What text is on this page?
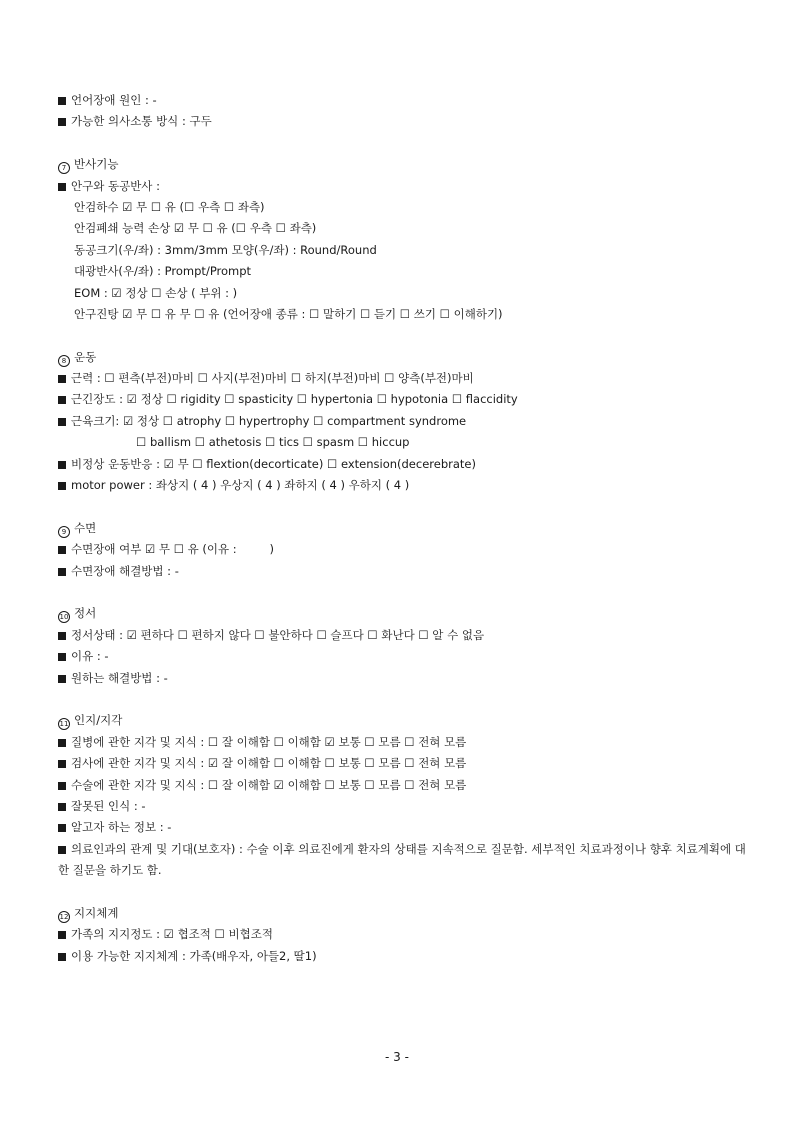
언어장애 원인 : -
가능한 의사소통 방식 : 구두
7 반사기능
안구와 동공반사 :
안검하수 ☑ 무 ☐ 유 (☐ 우측 ☐ 좌측)
안검폐쇄 능력 손상 ☑ 무 ☐ 유 (☐ 우측 ☐ 좌측)
동공크기(우/좌) : 3mm/3mm 모양(우/좌) : Round/Round
대광반사(우/좌) : Prompt/Prompt
EOM : ☑ 정상 ☐ 손상 ( 부위 : )
안구진탕 ☑ 무 ☐ 유 무 ☐ 유 (언어장애 종류 : ☐ 말하기 ☐ 듣기 ☐ 쓰기 ☐ 이해하기)
8 운동
근력 : ☐ 편측(부전)마비 ☐ 사지(부전)마비 ☐ 하지(부전)마비 ☐ 양측(부전)마비
근긴장도 : ☑ 정상 ☐ rigidity ☐ spasticity ☐ hypertonia ☐ hypotonia ☐ flaccidity
근육크기: ☑ 정상 ☐ atrophy ☐ hypertrophy ☐ compartment syndrome
☐ ballism ☐ athetosis ☐ tics ☐ spasm ☐ hiccup
비정상 운동반응 : ☑ 무 ☐ flextion(decorticate) ☐ extension(decerebrate)
motor power : 좌상지 ( 4 ) 우상지 ( 4 ) 좌하지 ( 4 ) 우하지 ( 4 )
9 수면
수면장애 여부 ☑ 무 ☐ 유 (이유 :         )
수면장애 해결방법 : -
10 정서
정서상태 : ☑ 편하다 ☐ 편하지 않다 ☐ 불안하다 ☐ 슬프다 ☐ 화난다 ☐ 알 수 없음
이유 : -
원하는 해결방법 : -
11 인지/지각
질병에 관한 지각 및 지식 : ☐ 잘 이해함 ☐ 이해함 ☑ 보통 ☐ 모름 ☐ 전혀 모름
검사에 관한 지각 및 지식 : ☑ 잘 이해함 ☐ 이해함 ☐ 보통 ☐ 모름 ☐ 전혀 모름
수술에 관한 지각 및 지식 : ☐ 잘 이해함 ☑ 이해함 ☐ 보통 ☐ 모름 ☐ 전혀 모름
잘못된 인식 : -
알고자 하는 정보 : -
의료인과의 관계 및 기대(보호자) : 수술 이후 의료진에게 환자의 상태를 지속적으로 질문함. 세부적인 치료과정이나 향후 치료계획에 대한 질문을 하기도 함.
12 지지체계
가족의 지지정도 : ☑ 협조적 ☐ 비협조적
이용 가능한 지지체계 : 가족(배우자, 아들2, 딸1)
- 3 -
